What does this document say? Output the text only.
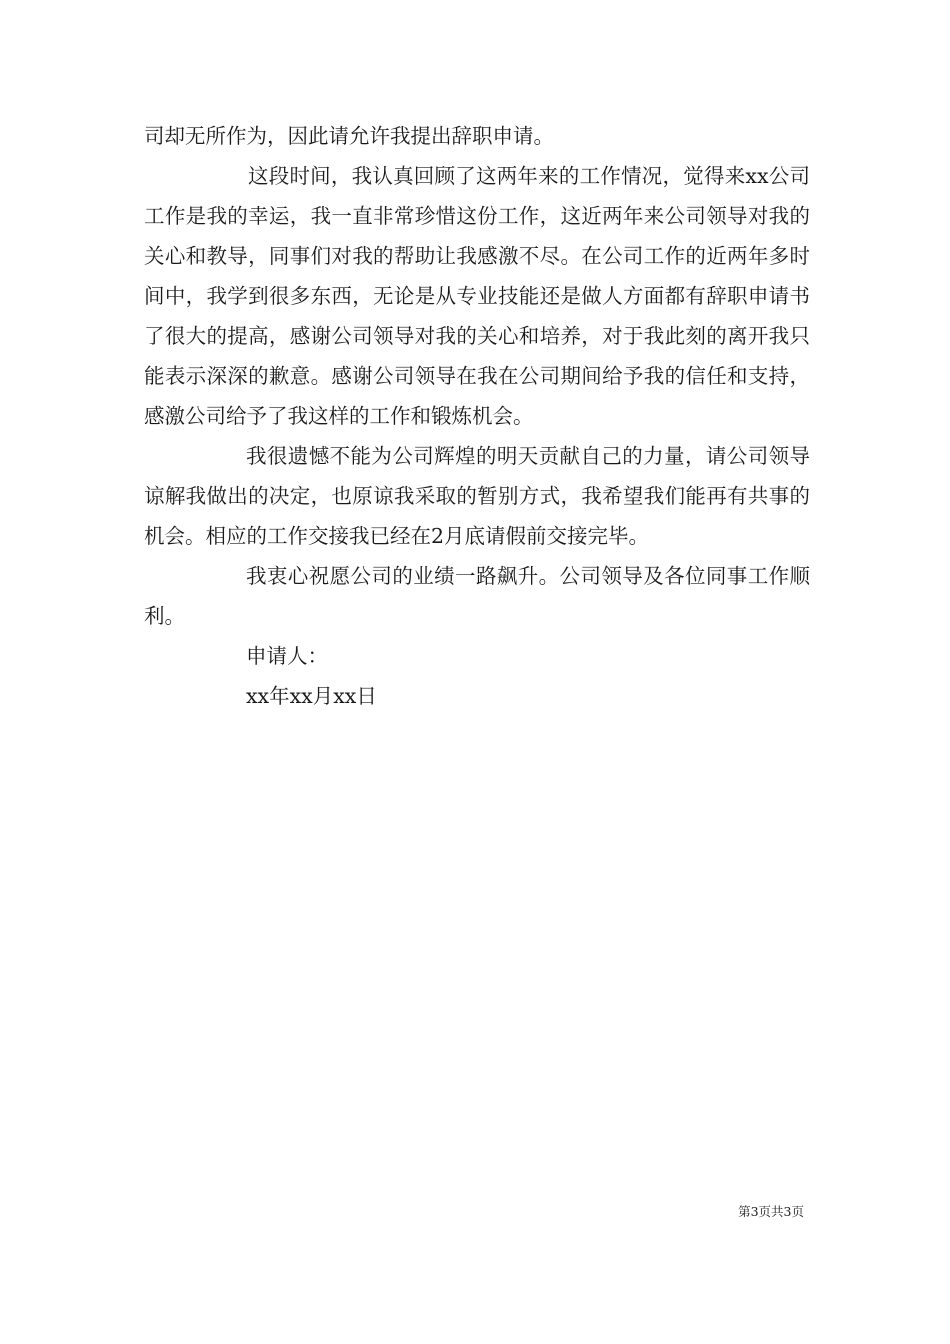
司却无所作为，因此请允许我提出辞职申请。

这段时间，我认真回顾了这两年来的工作情况，觉得来xx公司工作是我的幸运，我一直非常珍惜这份工作，这近两年来公司领导对我的关心和教导，同事们对我的帮助让我感激不尽。在公司工作的近两年多时间中，我学到很多东西，无论是从专业技能还是做人方面都有辞职申请书了很大的提高，感谢公司领导对我的关心和培养，对于我此刻的离开我只能表示深深的歉意。感谢公司领导在我在公司期间给予我的信任和支持，感激公司给予了我这样的工作和锻炼机会。

我很遗憾不能为公司辉煌的明天贡献自己的力量，请公司领导谅解我做出的决定，也原谅我采取的暂别方式，我希望我们能再有共事的机会。相应的工作交接我已经在2月底请假前交接完毕。

我衷心祝愿公司的业绩一路飙升。公司领导及各位同事工作顺利。

申请人：

xx年xx月xx日

第3页共3页
